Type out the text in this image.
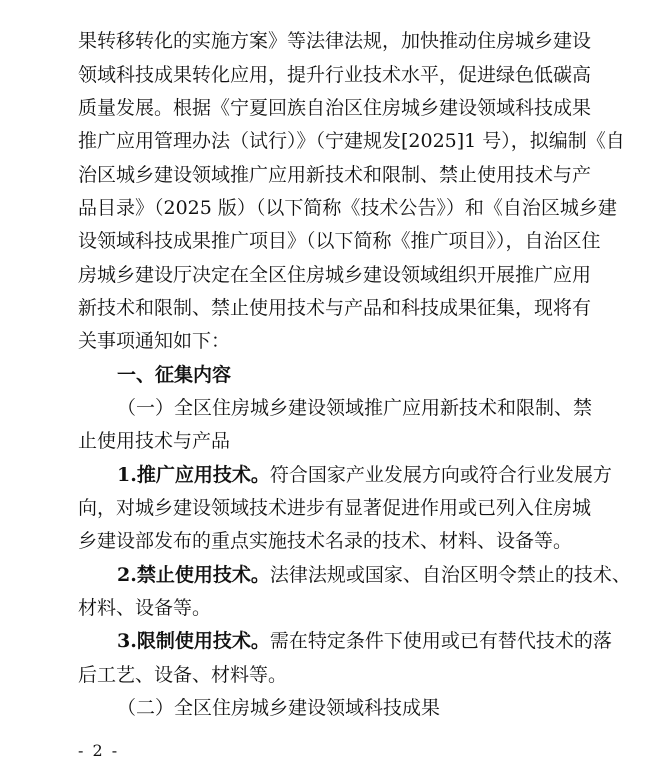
果转移转化的实施方案》等法律法规，加快推动住房城乡建设
领域科技成果转化应用，提升行业技术水平，促进绿色低碳高
质量发展。根据《宁夏回族自治区住房城乡建设领域科技成果
推广应用管理办法（试行）》（宁建规发[2025]1 号），拟编制《自
治区城乡建设领域推广应用新技术和限制、禁止使用技术与产
品目录》（2025 版）（以下简称《技术公告》）和《自治区城乡建
设领域科技成果推广项目》（以下简称《推广项目》），自治区住
房城乡建设厅决定在全区住房城乡建设领域组织开展推广应用
新技术和限制、禁止使用技术与产品和科技成果征集，现将有
关事项通知如下：
一、征集内容
（一）全区住房城乡建设领域推广应用新技术和限制、禁
止使用技术与产品
1.推广应用技术。符合国家产业发展方向或符合行业发展方
向，对城乡建设领域技术进步有显著促进作用或已列入住房城
乡建设部发布的重点实施技术名录的技术、材料、设备等。
2.禁止使用技术。法律法规或国家、自治区明令禁止的技术、
材料、设备等。
3.限制使用技术。需在特定条件下使用或已有替代技术的落
后工艺、设备、材料等。
（二）全区住房城乡建设领域科技成果
- 2 -
